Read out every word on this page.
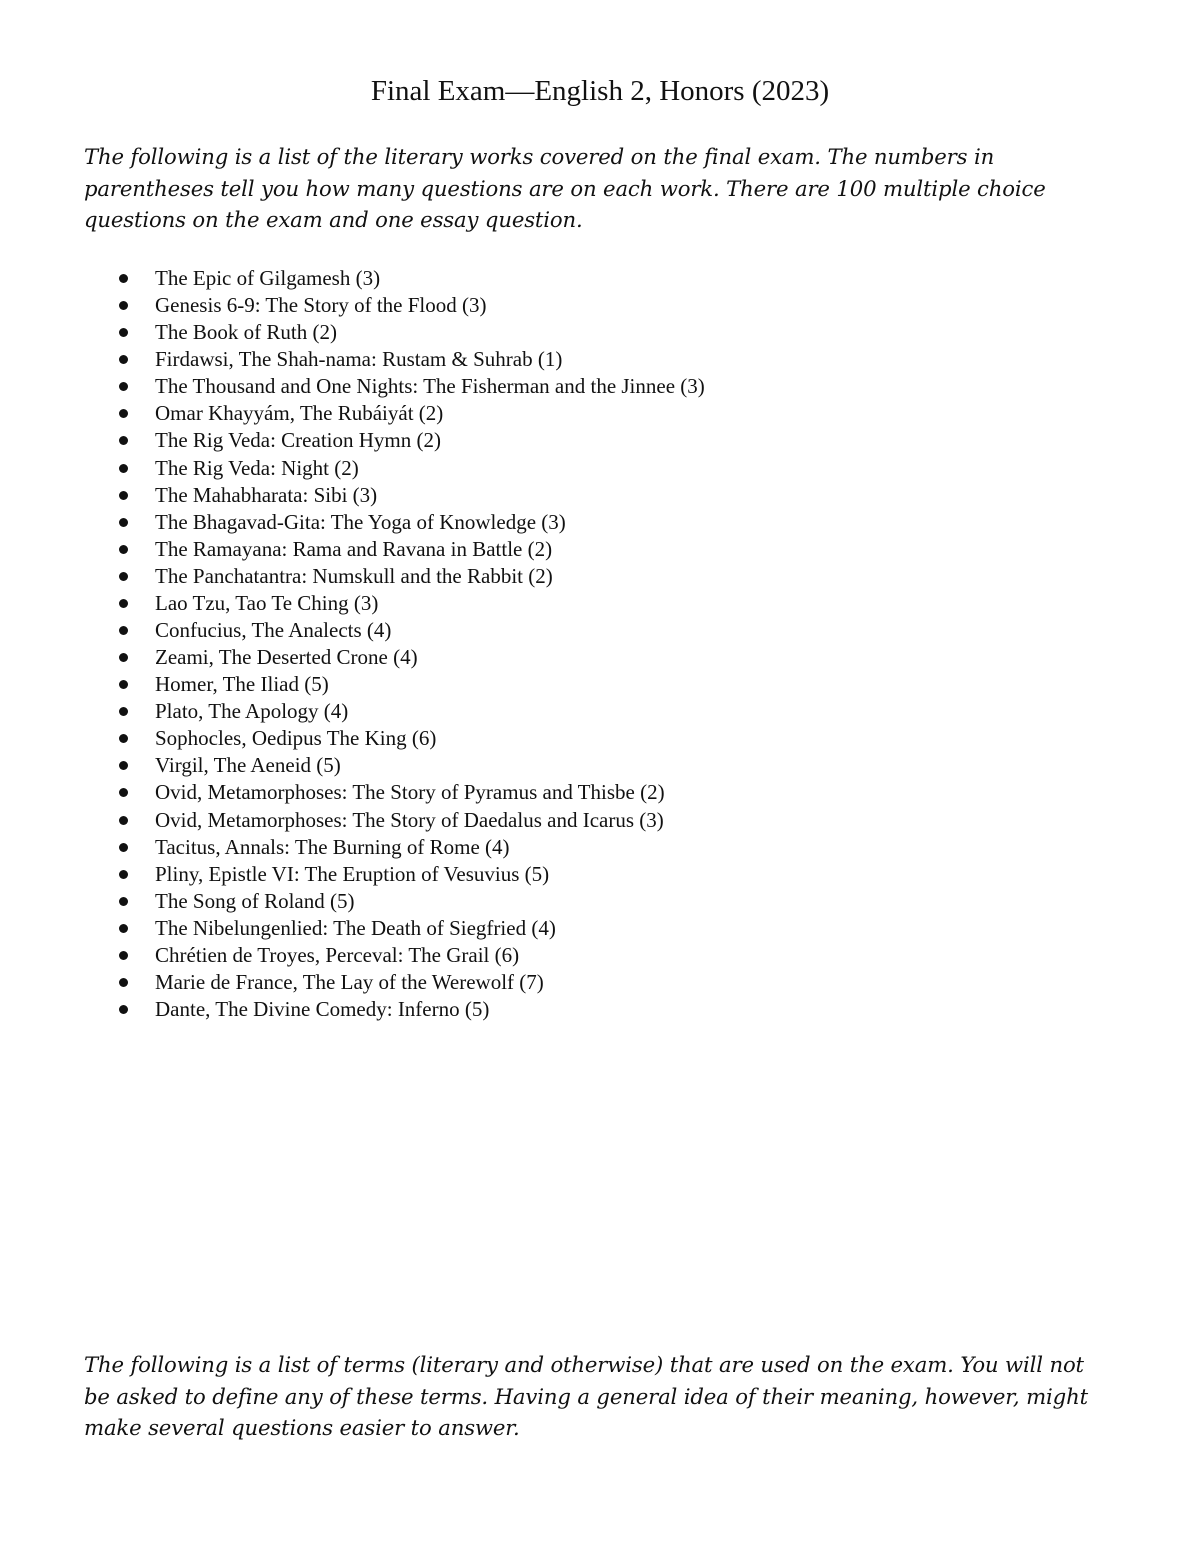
Final Exam—English 2, Honors (2023)

The following is a list of the literary works covered on the final exam. The numbers in parentheses tell you how many questions are on each work. There are 100 multiple choice questions on the exam and one essay question.

The Epic of Gilgamesh (3)
Genesis 6-9: The Story of the Flood (3)
The Book of Ruth (2)
Firdawsi, The Shah-nama: Rustam & Suhrab (1)
The Thousand and One Nights: The Fisherman and the Jinnee (3)
Omar Khayyám, The Rubáiyát (2)
The Rig Veda: Creation Hymn (2)
The Rig Veda: Night (2)
The Mahabharata: Sibi (3)
The Bhagavad-Gita: The Yoga of Knowledge (3)
The Ramayana: Rama and Ravana in Battle (2)
The Panchatantra: Numskull and the Rabbit (2)
Lao Tzu, Tao Te Ching (3)
Confucius, The Analects (4)
Zeami, The Deserted Crone (4)
Homer, The Iliad (5)
Plato, The Apology (4)
Sophocles, Oedipus The King (6)
Virgil, The Aeneid (5)
Ovid, Metamorphoses: The Story of Pyramus and Thisbe (2)
Ovid, Metamorphoses: The Story of Daedalus and Icarus (3)
Tacitus, Annals: The Burning of Rome (4)
Pliny, Epistle VI: The Eruption of Vesuvius (5)
The Song of Roland (5)
The Nibelungenlied: The Death of Siegfried (4)
Chrétien de Troyes, Perceval: The Grail (6)
Marie de France, The Lay of the Werewolf (7)
Dante, The Divine Comedy: Inferno (5)

The following is a list of terms (literary and otherwise) that are used on the exam. You will not be asked to define any of these terms. Having a general idea of their meaning, however, might make several questions easier to answer.
